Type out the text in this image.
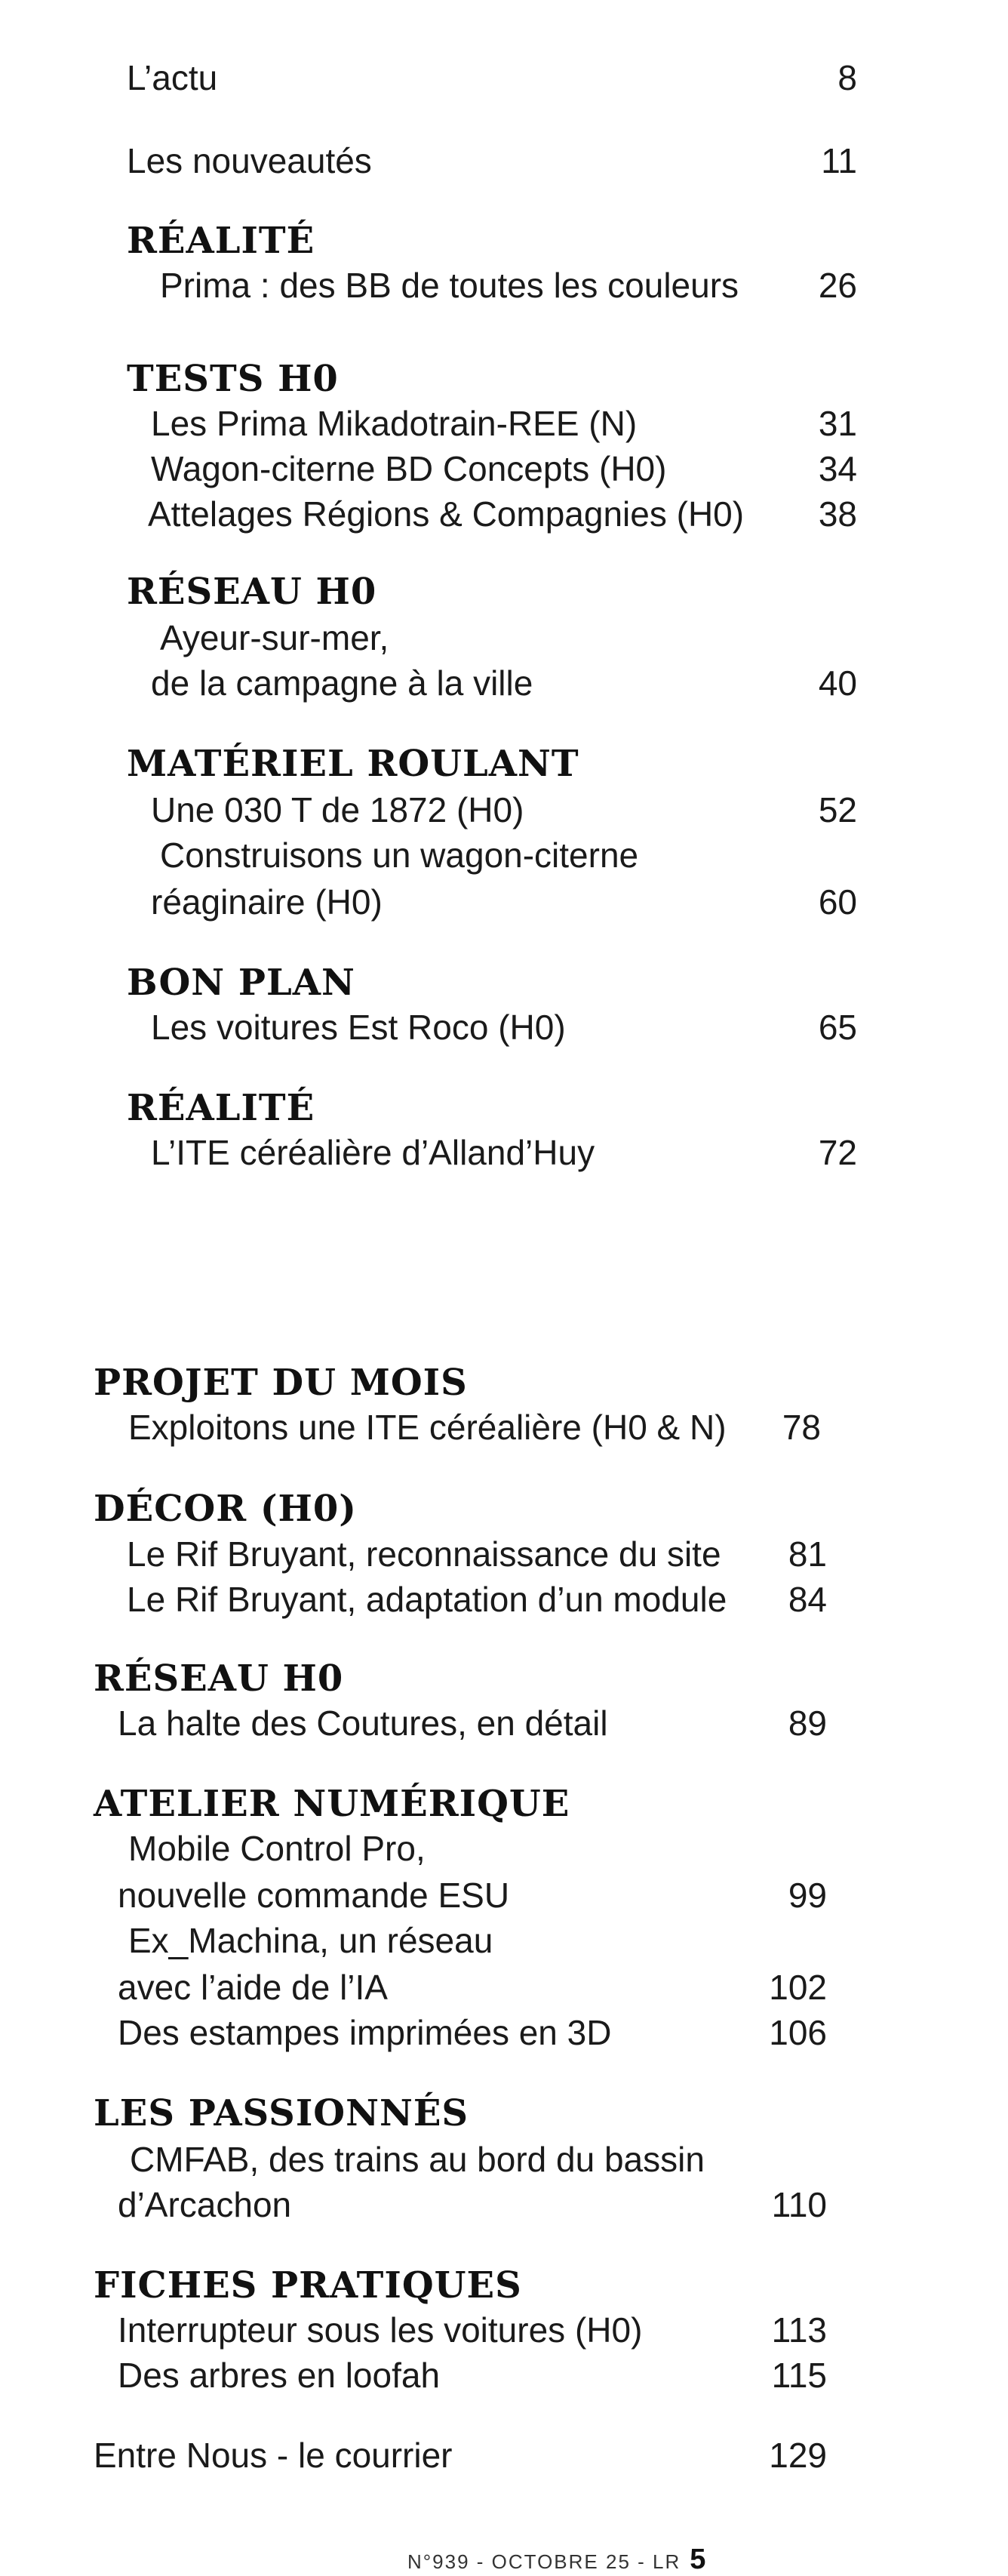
L’actu	8
Les nouveautés	11
RÉALITÉ
Prima : des BB de toutes les couleurs 26
TESTS H0
Les Prima Mikadotrain-REE (N)	31
Wagon-citerne BD Concepts (H0)	34
Attelages Régions & Compagnies (H0) 38
RÉSEAU H0
Ayeur-sur-mer,
de la campagne à la ville	40
MATÉRIEL ROULANT
Une 030 T de 1872 (H0)	52
Construisons un wagon-citerne
réaginaire (H0)	60
BON PLAN
Les voitures Est Roco (H0)	65
RÉALITÉ
L’ITE céréalière d’Alland’Huy	72
PROJET DU MOIS
Exploitons une ITE céréalière (H0 & N) 78
DÉCOR (H0)
Le Rif Bruyant, reconnaissance du site 81
Le Rif Bruyant, adaptation d’un module 84
RÉSEAU H0
La halte des Coutures, en détail	89
ATELIER NUMÉRIQUE
Mobile Control Pro,
nouvelle commande ESU	99
Ex_Machina, un réseau
avec l’aide de l’IA	102
Des estampes imprimées en 3D	106
LES PASSIONNÉS
CMFAB, des trains au bord du bassin
d’Arcachon	110
FICHES PRATIQUES
Interrupteur sous les voitures (H0)	113
Des arbres en loofah	115
Entre Nous - le courrier	129
N°939 - OCTOBRE 25 - LR 5
